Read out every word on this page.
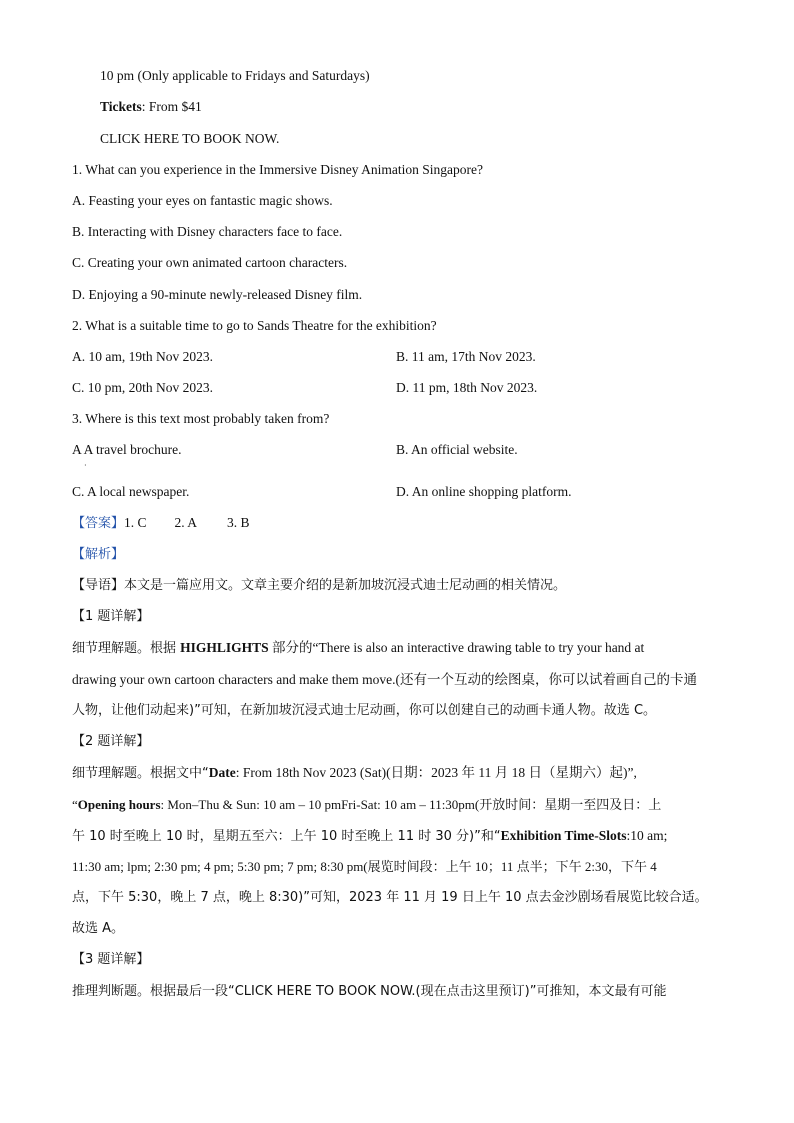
10 pm (Only applicable to Fridays and Saturdays)
Tickets: From $41
CLICK HERE TO BOOK NOW.
1. What can you experience in the Immersive Disney Animation Singapore?
A. Feasting your eyes on fantastic magic shows.
B. Interacting with Disney characters face to face.
C. Creating your own animated cartoon characters.
D. Enjoying a 90-minute newly-released Disney film.
2. What is a suitable time to go to Sands Theatre for the exhibition?
A. 10 am, 19th Nov 2023.	B. 11 am, 17th Nov 2023.
C. 10 pm, 20th Nov 2023.	D. 11 pm, 18th Nov 2023.
3. Where is this text most probably taken from?
A A travel brochure.
·
B. An official website.
C. A local newspaper.	D. An online shopping platform.
【答案】1. C 2. A 3. B
【解析】
【导语】本文是一篇应用文。文章主要介绍的是新加坡沉浸式迪士尼动画的相关情况。
【1 题详解】
细节理解题。根据 HIGHLIGHTS 部分的“There is also an interactive drawing table to try your hand at
drawing your own cartoon characters and make them move.(还有一个互动的绘图桌，你可以试着画自己的卡通
人物，让他们动起来)”可知，在新加坡沉浸式迪士尼动画，你可以创建自己的动画卡通人物。故选 C。
【2 题详解】
细节理解题。根据文中“Date: From 18th Nov 2023 (Sat)(日期：2023 年 11 月 18 日（星期六）起)”,
“Opening hours: Mon–Thu & Sun: 10 am – 10 pmFri-Sat: 10 am – 11:30pm(开放时间：星期一至四及日：上
午 10 时至晚上 10 时，星期五至六：上午 10 时至晚上 11 时 30 分)”和“Exhibition Time-Slots:10 am;
11:30 am; lpm; 2:30 pm; 4 pm; 5:30 pm; 7 pm; 8:30 pm(展览时间段：上午 10；11 点半；下午 2:30，下午 4
点，下午 5:30，晚上 7 点，晚上 8:30)”可知，2023 年 11 月 19 日上午 10 点去金沙剧场看展览比较合适。
故选 A。
【3 题详解】
推理判断题。根据最后一段“CLICK HERE TO BOOK NOW.(现在点击这里预订)”可推知，本文最有可能
